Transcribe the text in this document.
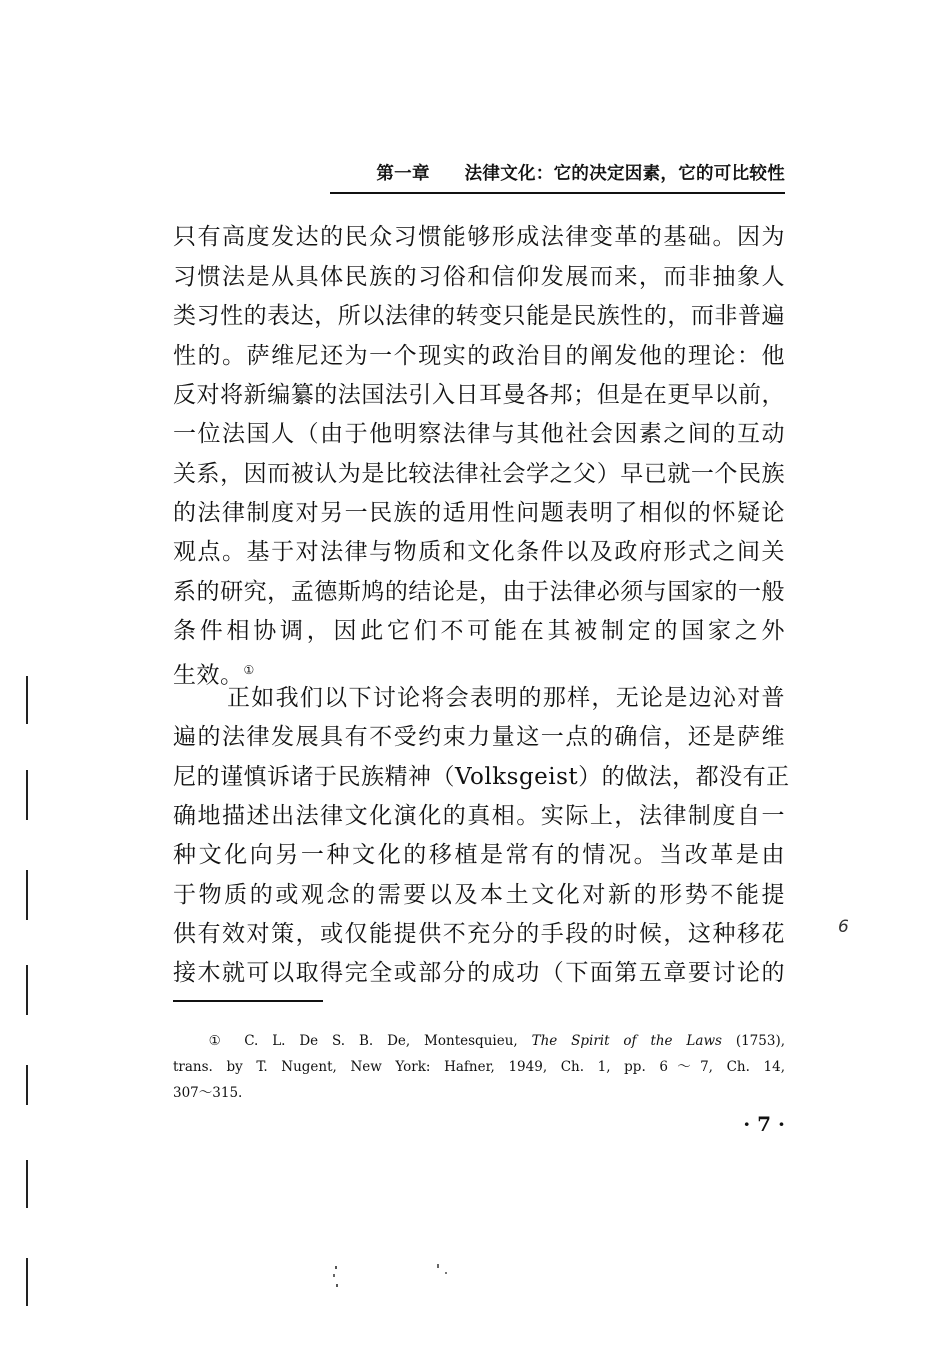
第一章 法律文化：它的决定因素，它的可比较性
只有高度发达的民众习惯能够形成法律变革的基础。因为
习惯法是从具体民族的习俗和信仰发展而来，而非抽象人
类习性的表达，所以法律的转变只能是民族性的，而非普遍
性的。萨维尼还为一个现实的政治目的阐发他的理论：他
反对将新编纂的法国法引入日耳曼各邦；但是在更早以前，
一位法国人（由于他明察法律与其他社会因素之间的互动
关系，因而被认为是比较法律社会学之父）早已就一个民族
的法律制度对另一民族的适用性问题表明了相似的怀疑论
观点。基于对法律与物质和文化条件以及政府形式之间关
系的研究，孟德斯鸠的结论是，由于法律必须与国家的一般
条件相协调，因此它们不可能在其被制定的国家之外
生效。①
正如我们以下讨论将会表明的那样，无论是边沁对普
遍的法律发展具有不受约束力量这一点的确信，还是萨维
尼的谨慎诉诸于民族精神（Volksgeist）的做法，都没有正
确地描述出法律文化演化的真相。实际上，法律制度自一
种文化向另一种文化的移植是常有的情况。当改革是由
于物质的或观念的需要以及本土文化对新的形势不能提
供有效对策，或仅能提供不充分的手段的时候，这种移花
接木就可以取得完全或部分的成功（下面第五章要讨论的
① C. L. De S. B. De, Montesquieu, The Spirit of the Laws (1753),
trans. by T. Nugent, New York: Hafner, 1949, Ch. 1, pp. 6～7, Ch. 14,
307～315.
· 7 ·
6
